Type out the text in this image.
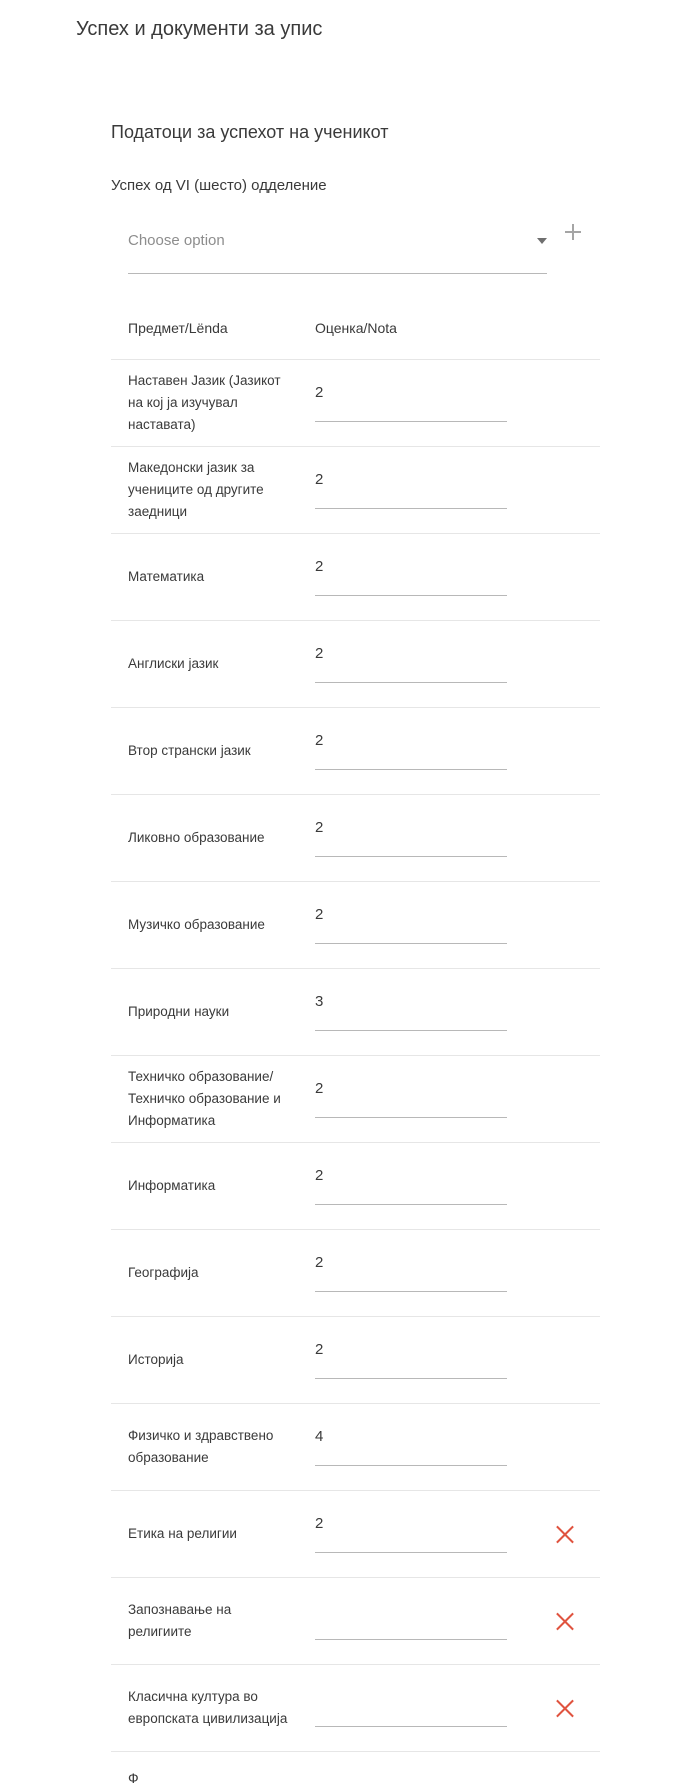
Успех и документи за упис
Податоци за успехот на ученикот
Успех од VI (шесто) одделение
Choose option
Предмет/Lënda	Оценка/Nota
Наставен Јазик (Јазикот на кој ја изучувал наставата)
2
Македонски јазик за учениците од другите заедници
2
Математика
2
Англиски јазик
2
Втор странски јазик
2
Ликовно образование
2
Музичко образование
2
Природни науки
3
Техничко образование/ Техничко образование и Информатика
2
Информатика
2
Географија
2
Историја
2
Физичко и здравствено образование
4
Етика на религии
2
Запознавање на религиите
Класична култура во европската цивилизација
Ф
